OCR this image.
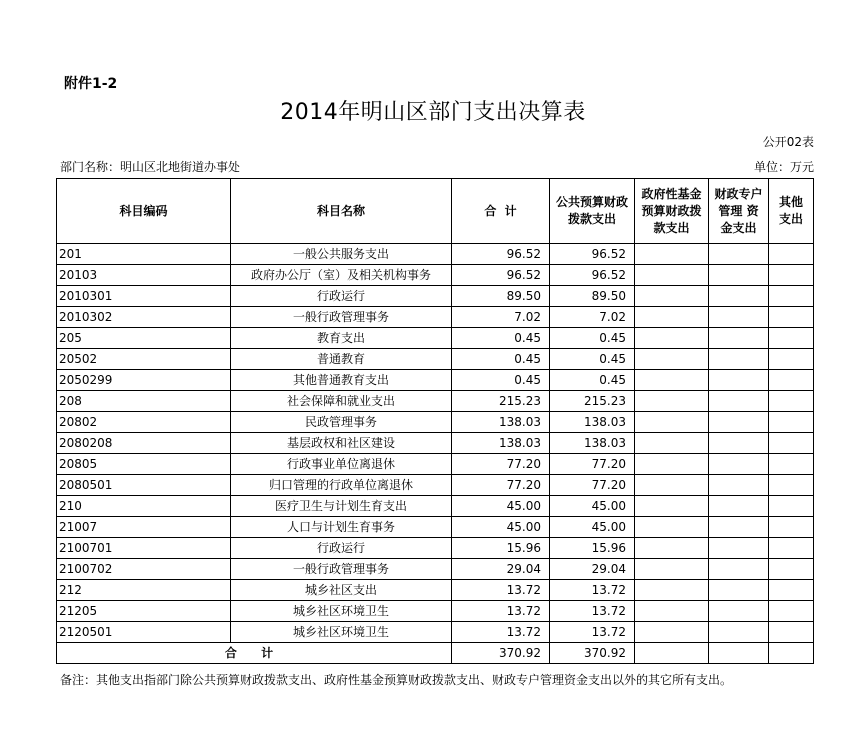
附件1-2
2014年明山区部门支出决算表
公开02表
部门名称：明山区北地街道办事处	单位：万元
科目编码	科目名称	合  计	公共预算财政拨款支出	政府性基金预算财政拨款支出	财政专户管理 资金支出	其他支出
201	一般公共服务支出	96.52	96.52			
20103	政府办公厅（室）及相关机构事务	96.52	96.52			
2010301	行政运行	89.50	89.50			
2010302	一般行政管理事务	7.02	7.02			
205	教育支出	0.45	0.45			
20502	普通教育	0.45	0.45			
2050299	其他普通教育支出	0.45	0.45			
208	社会保障和就业支出	215.23	215.23			
20802	民政管理事务	138.03	138.03			
2080208	基层政权和社区建设	138.03	138.03			
20805	行政事业单位离退休	77.20	77.20			
2080501	归口管理的行政单位离退休	77.20	77.20			
210	医疗卫生与计划生育支出	45.00	45.00			
21007	人口与计划生育事务	45.00	45.00			
2100701	行政运行	15.96	15.96			
2100702	一般行政管理事务	29.04	29.04			
212	城乡社区支出	13.72	13.72			
21205	城乡社区环境卫生	13.72	13.72			
2120501	城乡社区环境卫生	13.72	13.72			
合 计		370.92	370.92			
备注：其他支出指部门除公共预算财政拨款支出、政府性基金预算财政拨款支出、财政专户管理资金支出以外的其它所有支出。
